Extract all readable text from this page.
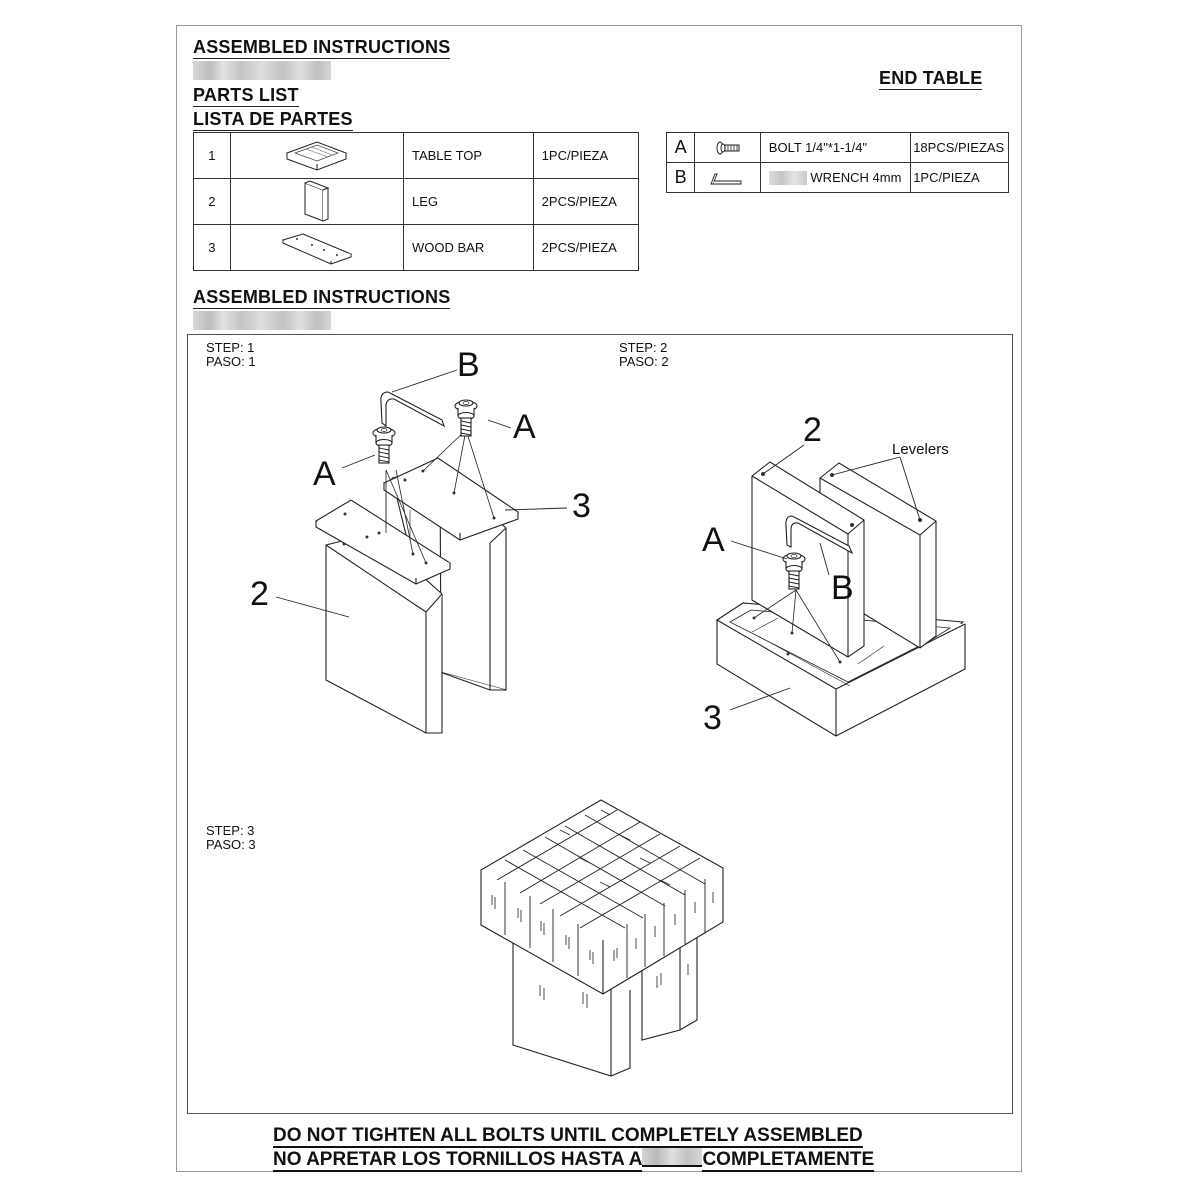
ASSEMBLED INSTRUCTIONS
END TABLE
PARTS LIST
LISTA DE PARTES
1		TABLE TOP	1PC/PIEZA
2		LEG	2PCS/PIEZA
3		WOOD BAR	2PCS/PIEZA
A		BOLT 1/4"*1-1/4"	18PCS/PIEZAS
B		WRENCH 4mm	1PC/PIEZA
ASSEMBLED INSTRUCTIONS
STEP: 1
PASO: 1
STEP: 2
PASO: 2
STEP: 3
PASO: 3
B
A
A
3
2
2
Levelers
A
B
3
DO NOT TIGHTEN ALL BOLTS UNTIL COMPLETELY ASSEMBLED
NO APRETAR LOS TORNILLOS HASTA A	COMPLETAMENTE
